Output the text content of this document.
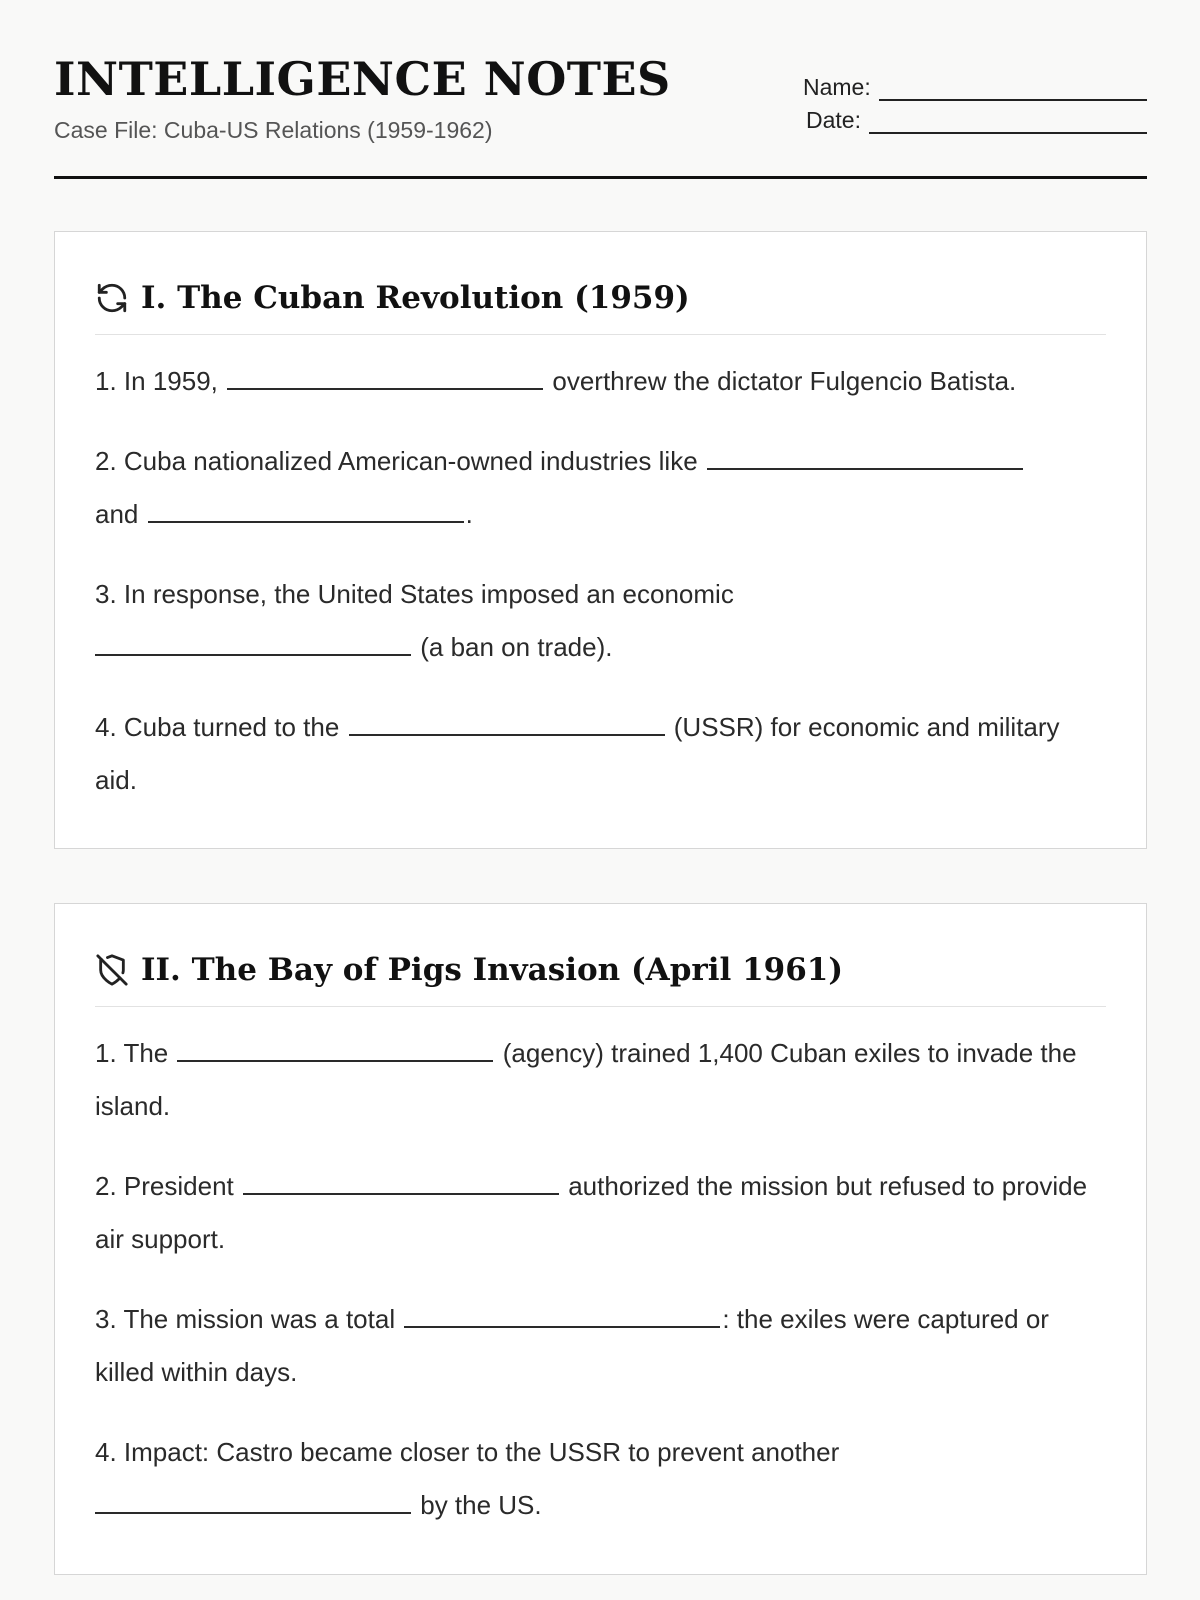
INTELLIGENCE NOTES
Case File: Cuba-US Relations (1959-1962)
Name:
Date:
I. The Cuban Revolution (1959)
1. In 1959,	overthrew the dictator Fulgencio Batista.
2. Cuba nationalized American-owned industries like
and	.
3. In response, the United States imposed an economic
(a ban on trade).
4. Cuba turned to the	(USSR) for economic and military aid.
II. The Bay of Pigs Invasion (April 1961)
1. The	(agency) trained 1,400 Cuban exiles to invade the island.
2. President	authorized the mission but refused to provide air support.
3. The mission was a total	: the exiles were captured or killed within days.
4. Impact: Castro became closer to the USSR to prevent another
by the US.
